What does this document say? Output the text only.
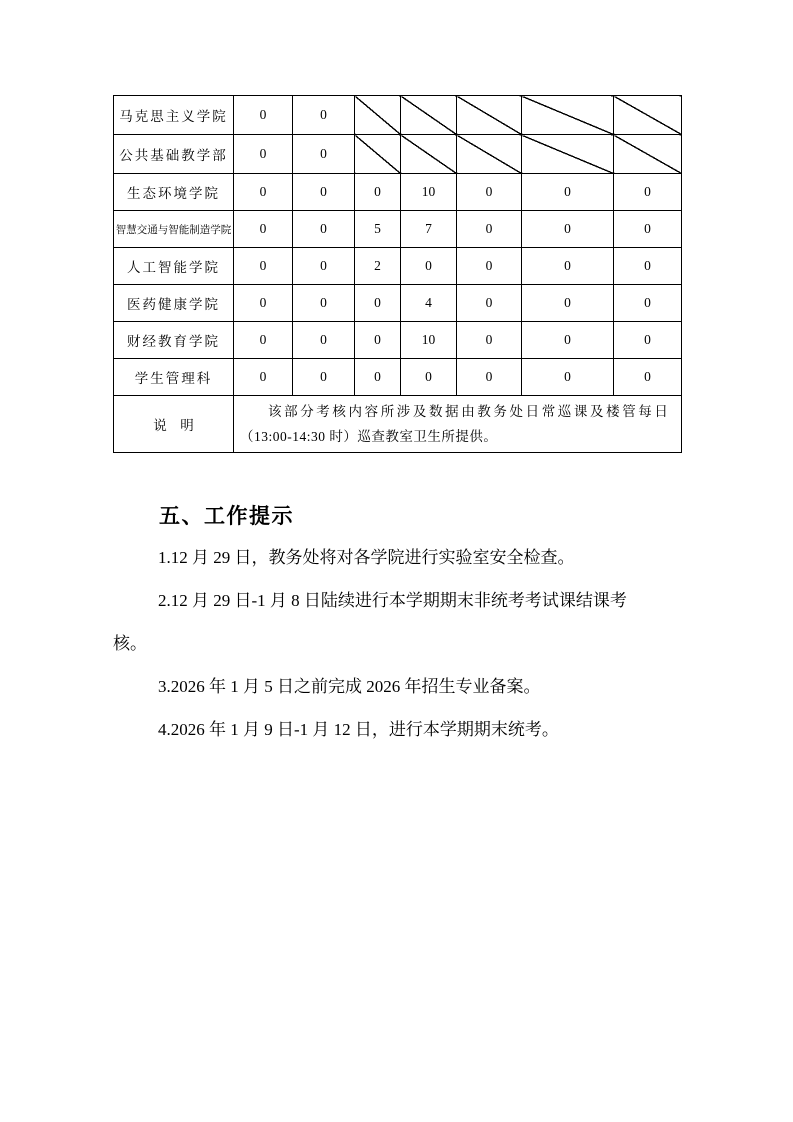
马克思主义学院	0	0					
公共基础教学部	0	0					
生态环境学院	0	0	0	10	0	0	0
智慧交通与智能制造学院	0	0	5	7	0	0	0
人工智能学院	0	0	2	0	0	0	0
医药健康学院	0	0	0	4	0	0	0
财经教育学院	0	0	0	10	0	0	0
学生管理科	0	0	0	0	0	0	0
说　明	该部分考核内容所涉及数据由教务处日常巡课及楼管每日
（13:00-14:30 时）巡查教室卫生所提供。						
五、工作提示
1.12 月 29 日，教务处将对各学院进行实验室安全检查。
2.12 月 29 日-1 月 8 日陆续进行本学期期末非统考考试课结课考
核。
3.2026 年 1 月 5 日之前完成 2026 年招生专业备案。
4.2026 年 1 月 9 日-1 月 12 日，进行本学期期末统考。
